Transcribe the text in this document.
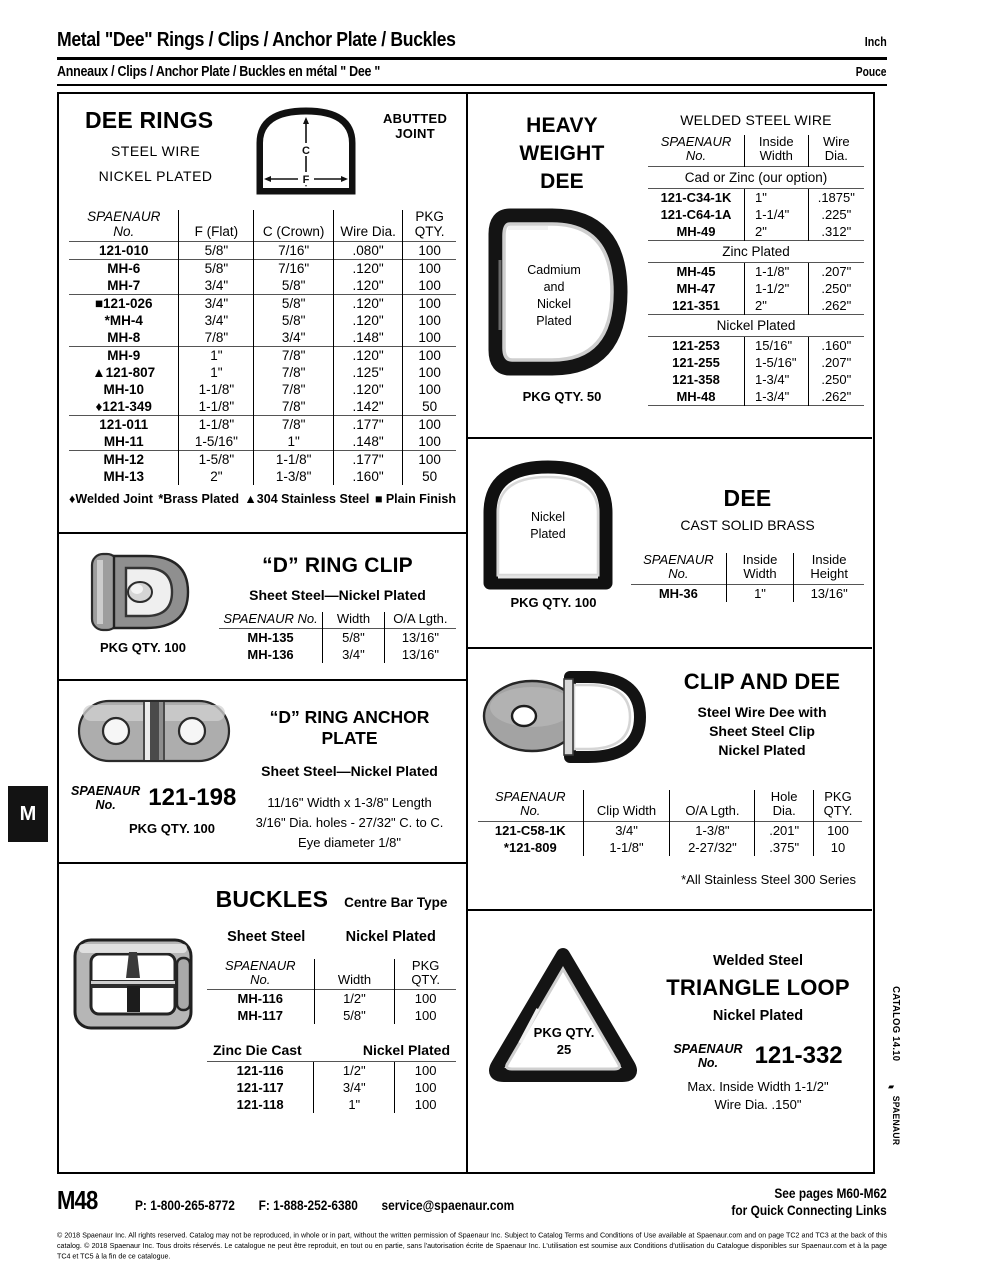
Metal "Dee" Rings / Clips / Anchor Plate / Buckles	Inch
Anneaux / Clips / Anchor Plate / Buckles en métal " Dee "	Pouce
M
CATALOG 14.10
▰
SPAENAUR
DEE RINGS
STEEL WIRE
NICKEL PLATED
C
F
ABUTTED
JOINT
SPAENAUR
No.	F (Flat)	C (Crown)	Wire Dia.	
PKG
QTY.

121-010	5/8"	7/16"	.080"	100
MH-6	5/8"	7/16"	.120"	100
MH-7	3/4"	5/8"	.120"	100
■121-026	3/4"	5/8"	.120"	100
*MH-4	3/4"	5/8"	.120"	100
MH-8	7/8"	3/4"	.148"	100
MH-9	1"	7/8"	.120"	100
▲121-807	1"	7/8"	.125"	100
MH-10	1-1/8"	7/8"	.120"	100
♦121-349	1-1/8"	7/8"	.142"	50
121-011	1-1/8"	7/8"	.177"	100
MH-11	1-5/16"	1"	.148"	100
MH-12	1-5/8"	1-1/8"	.177"	100
MH-13	2"	1-3/8"	.160"	50
♦Welded Joint *Brass Plated ▲304 Stainless Steel ■ Plain Finish
PKG QTY. 100
“D” RING CLIP
Sheet Steel—Nickel Plated
SPAENAUR No.	Width	O/A Lgth.
MH-135	5/8"	13/16"
MH-136	3/4"	13/16"
SPAENAUR
No.	121-198
PKG QTY. 100
“D” RING ANCHOR PLATE
Sheet Steel—Nickel Plated
11/16" Width x 1-3/8" Length
3/16" Dia. holes - 27/32" C. to C.
Eye diameter 1/8"
BUCKLES Centre Bar Type
Sheet Steel	Nickel Plated
SPAENAUR
No.	Width	
PKG
QTY.

MH-116	1/2"	100
MH-117	5/8"	100
Zinc Die Cast	Nickel Plated
121-116	1/2"	100
121-117	3/4"	100
121-118	1"	100
HEAVY
WEIGHT
DEE
Cadmium
and
Nickel
Plated
PKG QTY. 50
WELDED STEEL WIRE
SPAENAUR
No.

Inside
Width

Wire
Dia.

Cad or Zinc (our option)		
121-C34-1K	1"	.1875"
121-C64-1A	1-1/4"	.225"
MH-49	2"	.312"
Zinc Plated		
MH-45	1-1/8"	.207"
MH-47	1-1/2"	.250"
121-351	2"	.262"
Nickel Plated		
121-253	15/16"	.160"
121-255	1-5/16"	.207"
121-358	1-3/4"	.250"
MH-48	1-3/4"	.262"

Nickel
Plated
PKG QTY. 100
DEE
CAST SOLID BRASS
SPAENAUR
No.

Inside
Width

Inside
Height

MH-36	1"	13/16"
CLIP AND DEE
Steel Wire Dee with
Sheet Steel Clip
Nickel Plated
SPAENAUR
No.	Clip Width	O/A Lgth.	
Hole
Dia.

PKG
QTY.

121-C58-1K	3/4"	1-3/8"	.201"	100
*121-809	1-1/8"	2-27/32"	.375"	10
*All Stainless Steel 300 Series
PKG QTY.
25
Welded Steel
TRIANGLE LOOP
Nickel Plated
SPAENAUR
No.	121-332
Max. Inside Width 1-1/2"
Wire Dia. .150"
M48	P: 1-800-265-8772 F: 1-888-252-6380 service@spaenaur.com
See pages M60-M62
for Quick Connecting Links
© 2018 Spaenaur Inc. All rights reserved. Catalog may not be reproduced, in whole or in part, without the written permission of Spaenaur Inc. Subject to Catalog Terms and Conditions of Use available at Spaenaur.com and on page TC2 and TC3 at the back of this catalog. © 2018 Spaenaur Inc. Tous droits réservés. Le catalogue ne peut être reproduit, en tout ou en partie, sans l'autorisation écrite de Spaenaur Inc. L'utilisation est soumise aux Conditions d'utilisation du Catalogue disponibles sur Spaenaur.com et à la page TC4 et TC5 à la fin de ce catalogue.
